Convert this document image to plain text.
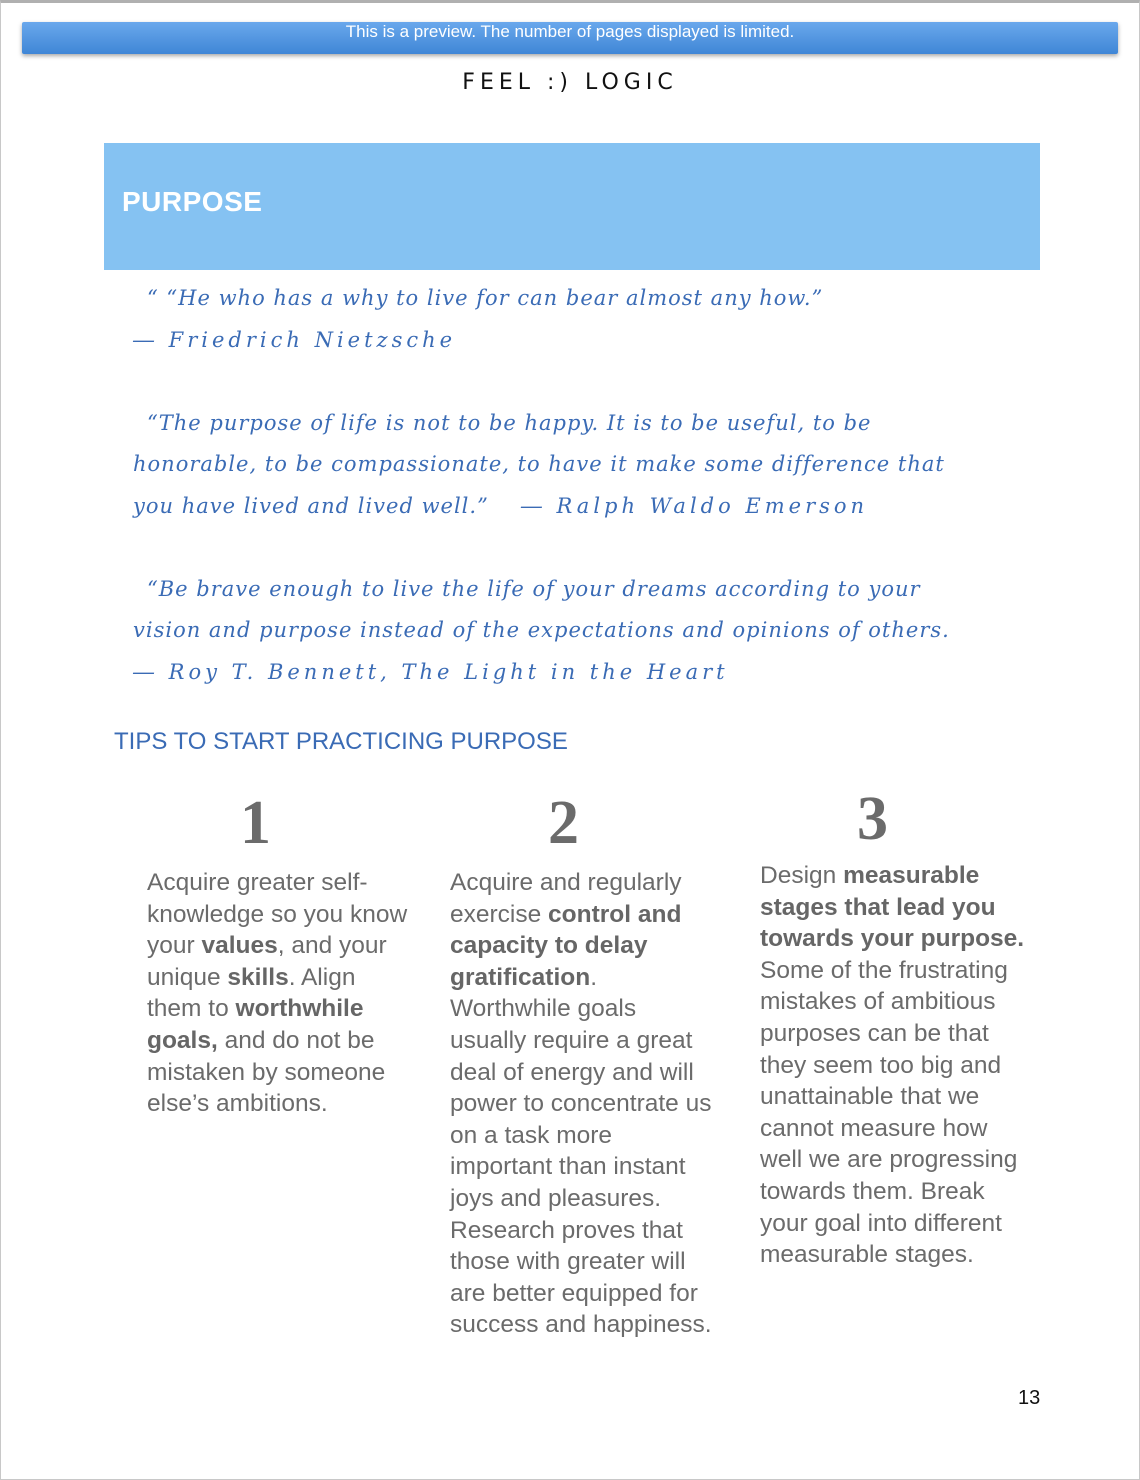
This is a preview. The number of pages displayed is limited.
FEEL :) LOGIC
PURPOSE

“ “He who has a why to live for can bear almost any how.”

― Friedrich Nietzsche

“The purpose of life is not to be happy. It is to be useful, to be

honorable, to be compassionate, to have it make some difference that

you have lived and lived well.” ― Ralph Waldo Emerson

“Be brave enough to live the life of your dreams according to your

vision and purpose instead of the expectations and opinions of others.

― Roy T. Bennett, The Light in the Heart

TIPS TO START PRACTICING PURPOSE
1	2	3
Acquire greater self-knowledge so you know your values, and your unique skills. Align them to worthwhile goals, and do not be mistaken by someone else’s ambitions.
Acquire and regularly exercise control and capacity to delay gratification. Worthwhile goals usually require a great deal of energy and will power to concentrate us on a task more important than instant joys and pleasures. Research proves that those with greater will are better equipped for success and happiness.
Design measurable stages that lead you towards your purpose. Some of the frustrating mistakes of ambitious purposes can be that they seem too big and unattainable that we cannot measure how well we are progressing towards them. Break your goal into different measurable stages.
13
